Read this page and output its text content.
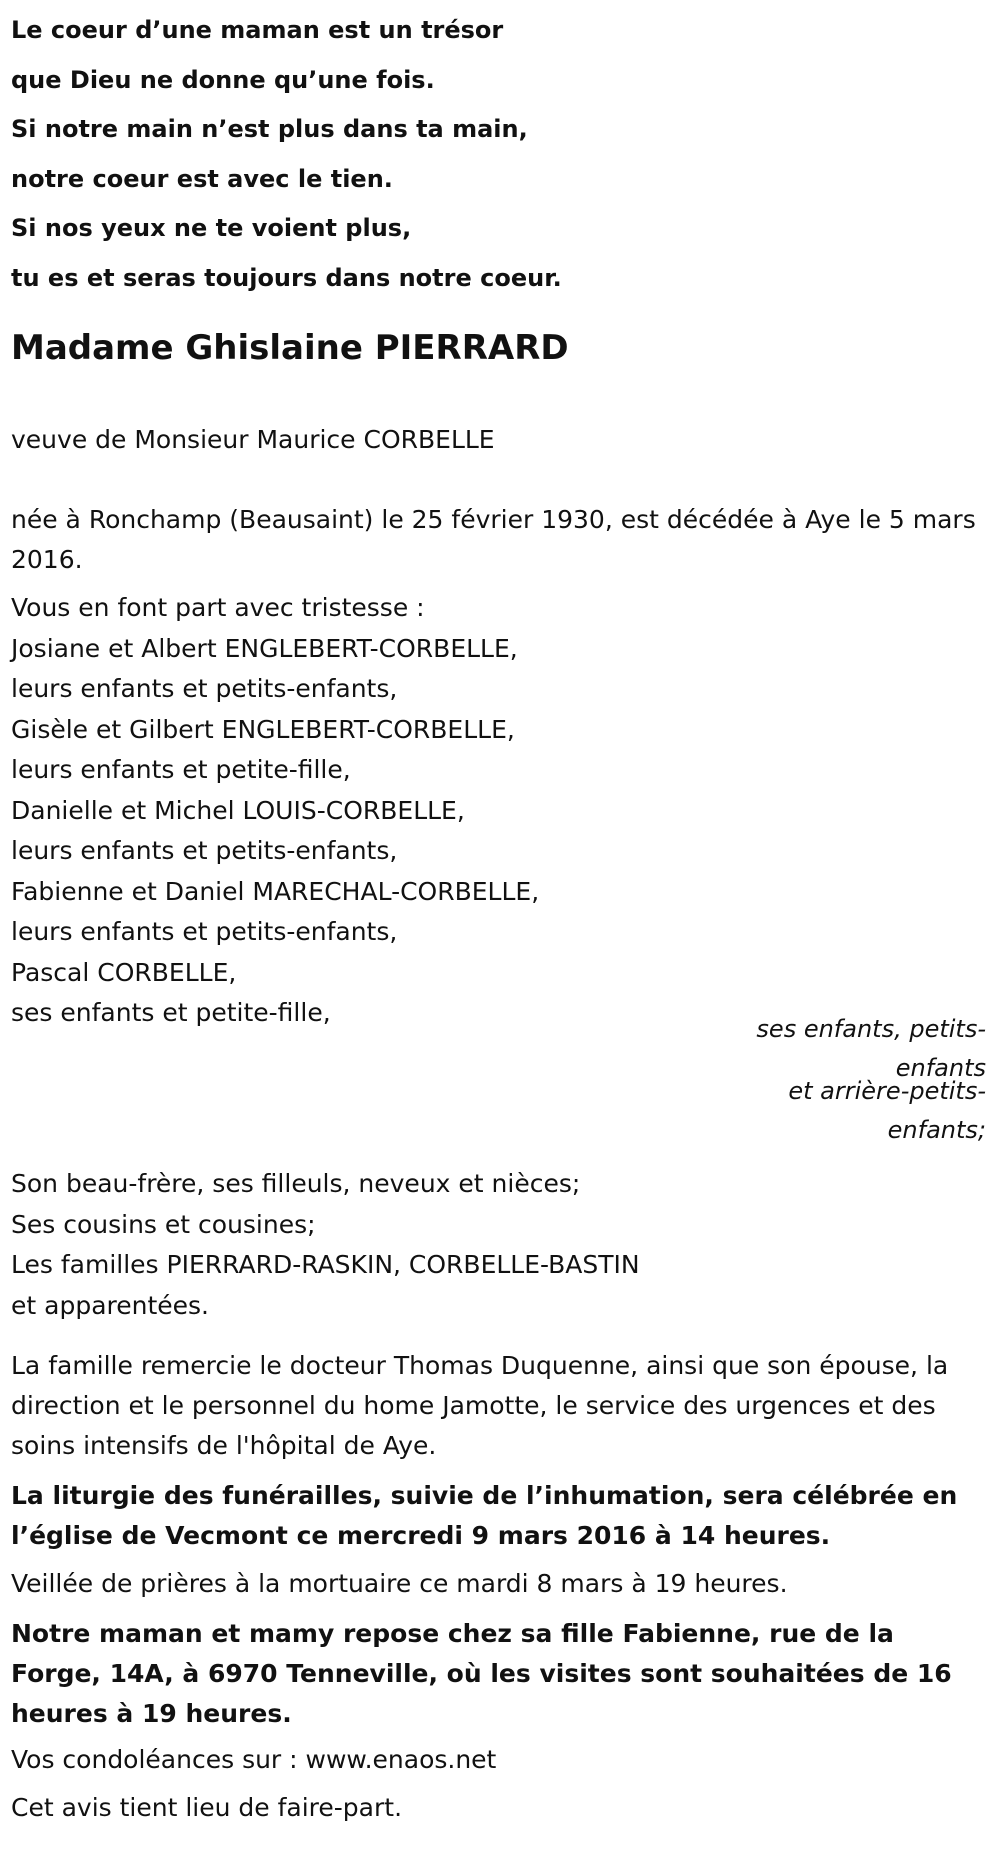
Le coeur d’une maman est un trésor
que Dieu ne donne qu’une fois.
Si notre main n’est plus dans ta main,
notre coeur est avec le tien.
Si nos yeux ne te voient plus,
tu es et seras toujours dans notre coeur.
Madame Ghislaine PIERRARD
veuve de Monsieur Maurice CORBELLE
née à Ronchamp (Beausaint) le 25 février 1930, est décédée à Aye le 5 mars 2016.
Vous en font part avec tristesse :
Josiane et Albert ENGLEBERT-CORBELLE,
leurs enfants et petits-enfants,
Gisèle et Gilbert ENGLEBERT-CORBELLE,
leurs enfants et petite-fille,
Danielle et Michel LOUIS-CORBELLE,
leurs enfants et petits-enfants,
Fabienne et Daniel MARECHAL-CORBELLE,
leurs enfants et petits-enfants,
Pascal CORBELLE,
ses enfants et petite-fille,
ses enfants, petits-enfants
et arrière-petits-enfants;
Son beau-frère, ses filleuls, neveux et nièces;
Ses cousins et cousines;
Les familles PIERRARD-RASKIN, CORBELLE-BASTIN
et apparentées.
La famille remercie le docteur Thomas Duquenne, ainsi que son épouse, la direction et le personnel du home Jamotte, le service des urgences et des soins intensifs de l'hôpital de Aye.
La liturgie des funérailles, suivie de l’inhumation, sera célébrée en l’église de Vecmont ce mercredi 9 mars 2016 à 14 heures.
Veillée de prières à la mortuaire ce mardi 8 mars à 19 heures.
Notre maman et mamy repose chez sa fille Fabienne, rue de la Forge, 14A, à 6970 Tenneville, où les visites sont souhaitées de 16 heures à 19 heures.
Vos condoléances sur : www.enaos.net
Cet avis tient lieu de faire-part.
